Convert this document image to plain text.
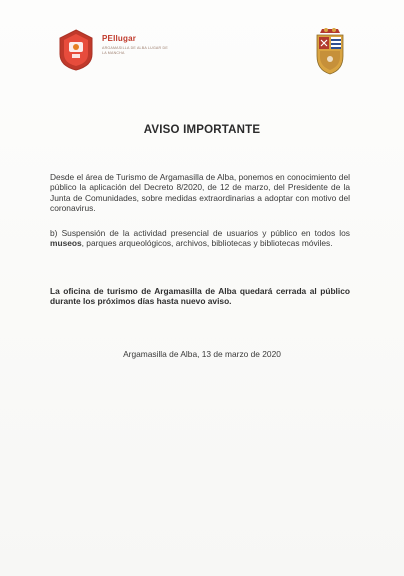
PEIlugar
ARGAMASILLA DE ALBA LUGAR DE LA MANCHA
AVISO IMPORTANTE
Desde el área de Turismo de Argamasilla de Alba, ponemos en conocimiento del público la aplicación del Decreto 8/2020, de 12 de marzo, del Presidente de la Junta de Comunidades, sobre medidas extraordinarias a adoptar con motivo del coronavirus.
b) Suspensión de la actividad presencial de usuarios y público en todos los museos, parques arqueológicos, archivos, bibliotecas y bibliotecas móviles.
La oficina de turismo de Argamasilla de Alba quedará cerrada al público durante los próximos días hasta nuevo aviso.
Argamasilla de Alba, 13 de marzo de 2020
